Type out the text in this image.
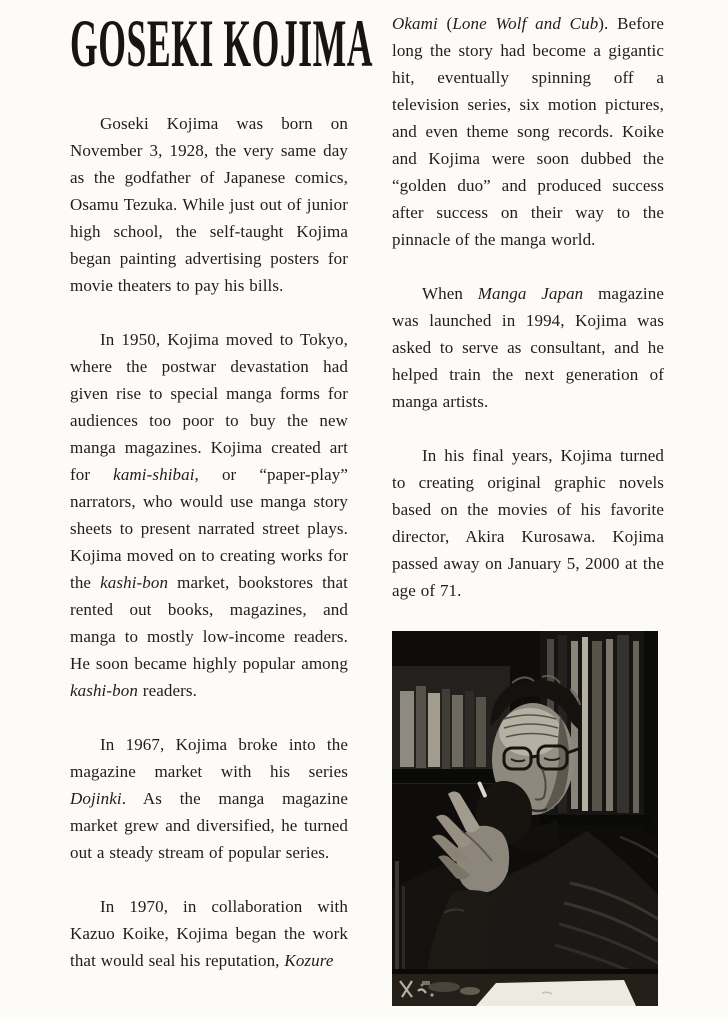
GOSEKI KOJIMA

Goseki Kojima was born on November 3, 1928, the very same day as the godfather of Japanese comics, Osamu Tezuka. While just out of junior high school, the self-taught Kojima began painting advertising posters for movie theaters to pay his bills.

In 1950, Kojima moved to Tokyo, where the postwar devastation had given rise to special manga forms for audiences too poor to buy the new manga magazines. Kojima created art for kami-shibai, or “paper-play” narrators, who would use manga story sheets to present narrated street plays. Kojima moved on to creating works for the kashi-bon market, bookstores that rented out books, magazines, and manga to mostly low-income readers. He soon became highly popular among kashi-bon readers.

In 1967, Kojima broke into the magazine market with his series Dojinki. As the manga magazine market grew and diversified, he turned out a steady stream of popular series.

In 1970, in collaboration with Kazuo Koike, Kojima began the work that would seal his reputation, Kozure

Okami (Lone Wolf and Cub). Before long the story had become a gigantic hit, eventually spinning off a television series, six motion pictures, and even theme song records. Koike and Kojima were soon dubbed the “golden duo” and produced success after success on their way to the pinnacle of the manga world.

When Manga Japan magazine was launched in 1994, Kojima was asked to serve as consultant, and he helped train the next generation of manga artists.

In his final years, Kojima turned to creating original graphic novels based on the movies of his favorite director, Akira Kurosawa. Kojima passed away on January 5, 2000 at the age of 71.
